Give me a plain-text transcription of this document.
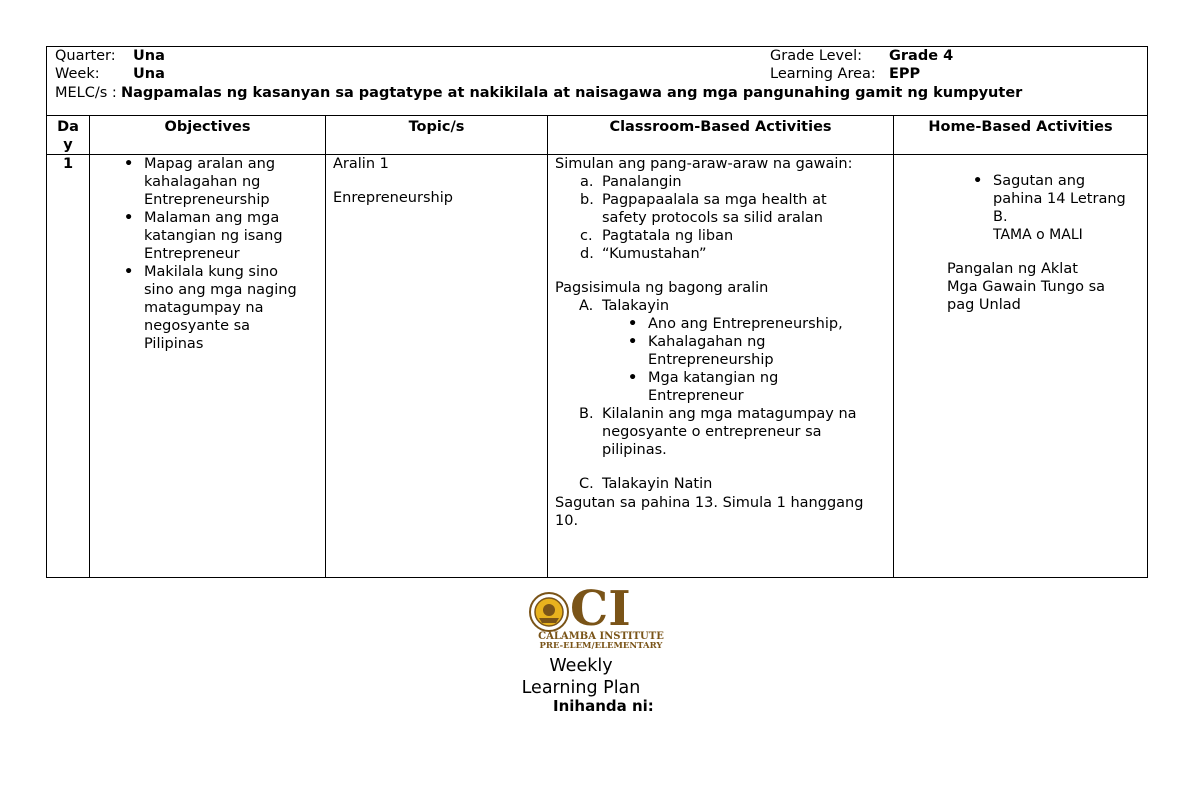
Quarter: Una
Week: Una
MELC/s : Nagpamalas ng kasanyan sa pagtatype at nakikilala at naisagawa ang mga pangunahing gamit ng kumpyuter
Grade Level: Grade 4
Learning Area: EPP
Da
y
Objectives	Topic/s	Classroom-Based Activities	Home-Based Activities
1
•	Mapag aralan ang
kahalagahan ng
Entrepreneurship
• Malaman ang mga
katangian ng isang
Entrepreneur
• Makilala kung sino
sino ang mga naging
matagumpay na
negosyante sa
Pilipinas
Aralin 1
Enrepreneurship
Simulan ang pang-araw-araw na gawain:
a. Panalangin
b. Pagpapaalala sa mga health at
safety protocols sa silid aralan
c. Pagtatala ng liban
d. “Kumustahan”
Pagsisimula ng bagong aralin
A. Talakayin
• Ano ang Entrepreneurship,
• Kahalagahan ng
Entrepreneurship
• Mga katangian ng
Entrepreneur
B. Kilalanin ang mga matagumpay na
negosyante o entrepreneur sa
pilipinas.
C. Talakayin Natin
Sagutan sa pahina 13. Simula 1 hanggang
10.
• Sagutan ang
pahina 14 Letrang
B.
TAMA o MALI
Pangalan ng Aklat
Mga Gawain Tungo sa
pag Unlad
CI
CALAMBA INSTITUTE
PRE-ELEM/ELEMENTARY
Weekly
Learning Plan
Inihanda ni:
